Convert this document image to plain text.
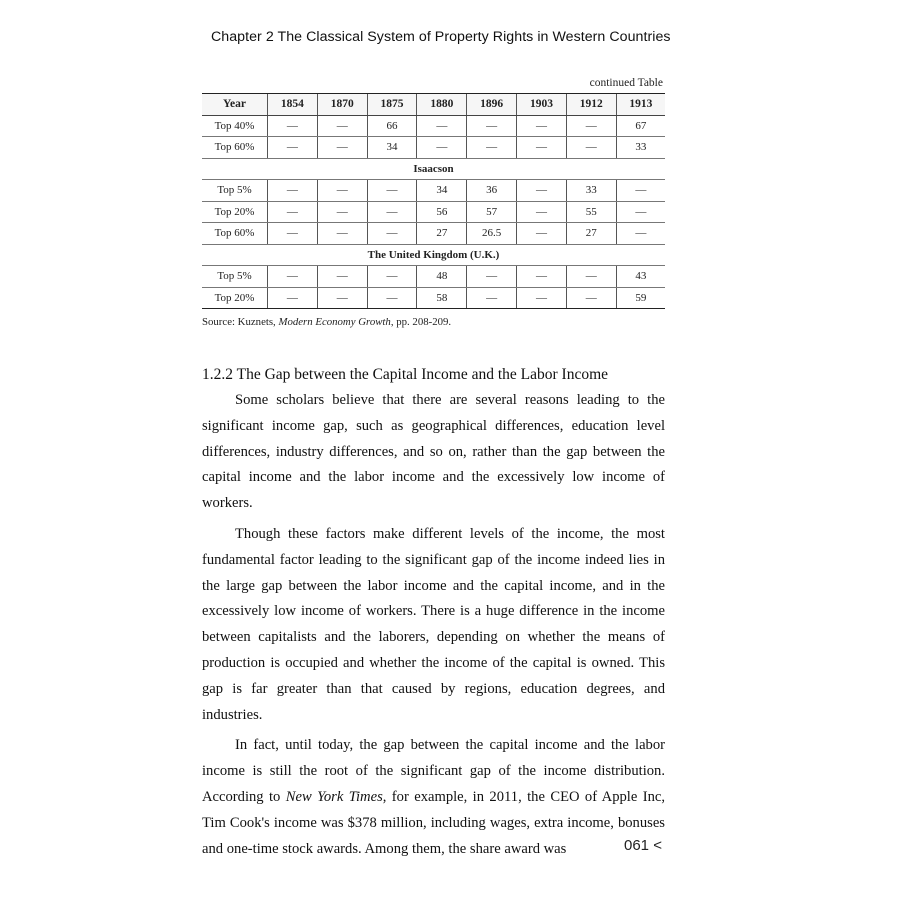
Chapter 2 The Classical System of Property Rights in Western Countries
continued Table
Year	1854	1870	1875	1880	1896	1903	1912	1913
Top 40%	—	—	66	—	—	—	—	67
Top 60%	—	—	34	—	—	—	—	33
Isaacson								
Top 5%	—	—	—	34	36	—	33	—
Top 20%	—	—	—	56	57	—	55	—
Top 60%	—	—	—	27	26.5	—	27	—
The United Kingdom (U.K.)								
Top 5%	—	—	—	48	—	—	—	43
Top 20%	—	—	—	58	—	—	—	59
Source: Kuznets, Modern Economy Growth, pp. 208-209.
1.2.2 The Gap between the Capital Income and the Labor Income

Some scholars believe that there are several reasons leading to the significant income gap, such as geographical differences, education level differences, industry differences, and so on, rather than the gap between the capital income and the labor income and the excessively low income of workers.

Though these factors make different levels of the income, the most fundamental factor leading to the significant gap of the income indeed lies in the large gap between the labor income and the capital income, and in the excessively low income of workers. There is a huge difference in the income between capitalists and the laborers, depending on whether the means of production is occupied and whether the income of the capital is owned. This gap is far greater than that caused by regions, education degrees, and industries.

In fact, until today, the gap between the capital income and the labor income is still the root of the significant gap of the income distribution. According to New York Times, for example, in 2011, the CEO of Apple Inc, Tim Cook's income was $378 million, including wages, extra income, bonuses and one-time stock awards. Among them, the share award was	061 <
